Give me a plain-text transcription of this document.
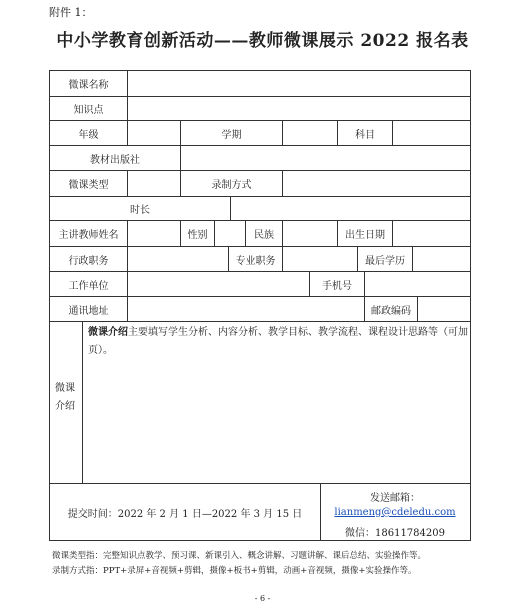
附件 1：
中小学教育创新活动——教师微课展示 2022 报名表
微课名称
知识点
年级	学期	科目
教材出版社
微课类型	录制方式
时长
主讲教师姓名	性别	民族	出生日期
行政职务	专业职务	最后学历
工作单位	手机号
通讯地址	邮政编码
微课
介绍
微课介绍主要填写学生分析、内容分析、教学目标、教学流程、课程设计思路等（可加页）。
提交时间：2022 年 2 月 1 日—2022 年 3 月 15 日
发送邮箱：
lianmeng@cdeledu.com
微信：18611784209
微课类型指：完整知识点教学、预习课、新课引入、概念讲解、习题讲解、课后总结、实验操作等。
录制方式指：PPT+录屏+音视频+剪辑，摄像+板书+剪辑，动画+音视频，摄像+实验操作等。
- 6 -
